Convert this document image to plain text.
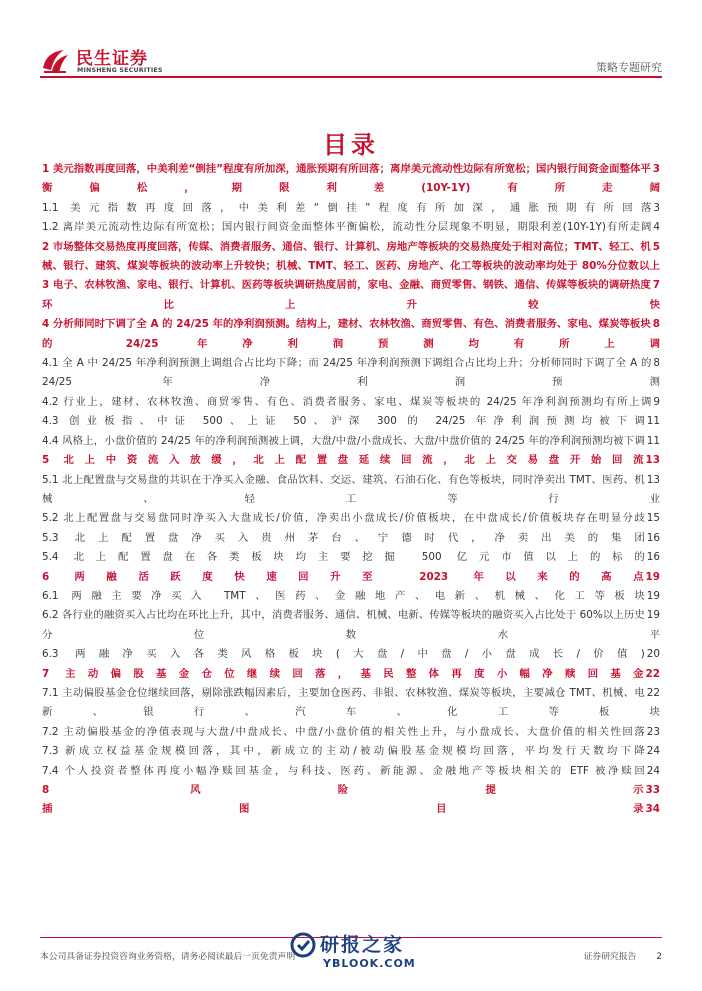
民生证券
MINSHENG SECURITIES	策略专题研究
目录
3
1 美元指数再度回落，中美利差“倒挂”程度有所加深，通胀预期有所回落；离岸美元流动性边际有所宽松；国内银行间资金面整体平衡偏松，期限利差(10Y-1Y)有所走阔
3
1.1 美元指数再度回落，中美利差“倒挂”程度有所加深，通胀预期有所回落
4
1.2 离岸美元流动性边际有所宽松；国内银行间资金面整体平衡偏松，流动性分层现象不明显，期限利差(10Y-1Y)有所走阔
5
2 市场整体交易热度再度回落，传媒、消费者服务、通信、银行、计算机、房地产等板块的交易热度处于相对高位；TMT、轻工、机械、银行、建筑、煤炭等板块的波动率上升较快；机械、TMT、轻工、医药、房地产、化工等板块的波动率均处于 80%分位数以上
7
3 电子、农林牧渔、家电、银行、计算机、医药等板块调研热度居前，家电、金融、商贸零售、钢铁、通信、传媒等板块的调研热度环比上升较快
8
4 分析师同时下调了全 A 的 24/25 年的净利润预测。结构上，建材、农林牧渔、商贸零售、有色、消费者服务、家电、煤炭等板块的 24/25 年净利润预测均有所上调
8
4.1 全 A 中 24/25 年净利润预测上调组合占比均下降；而 24/25 年净利润预测下调组合占比均上升；分析师同时下调了全 A 的 24/25 年净利润预测
9
4.2 行业上，建材、农林牧渔、商贸零售、有色、消费者服务、家电、煤炭等板块的 24/25 年净利润预测均有所上调
11
4.3 创业板指、中证 500、上证 50、沪深 300 的 24/25 年净利润预测均被下调
11
4.4 风格上，小盘价值的 24/25 年的净利润预测被上调，大盘/中盘/小盘成长、大盘/中盘价值的 24/25 年的净利润预测均被下调
13
5 北上中资流入放缓，北上配置盘延续回流，北上交易盘开始回流
13
5.1 北上配置盘与交易盘的共识在于净买入金融、食品饮料、交运、建筑、石油石化、有色等板块，同时净卖出 TMT、医药、机械、轻工等行业
15
5.2 北上配置盘与交易盘同时净买入大盘成长/价值，净卖出小盘成长/价值板块，在中盘成长/价值板块存在明显分歧
16
5.3 北上配置盘净买入贵州茅台、宁德时代，净卖出美的集团
16
5.4 北上配置盘在各类板块均主要挖掘 500 亿元市值以上的标的
19
6 两融活跃度快速回升至 2023 年以来的高点
19
6.1 两融主要净买入 TMT、医药、金融地产、电新、机械、化工等板块
19
6.2 各行业的融资买入占比均在环比上升，其中，消费者服务、通信、机械、电新、传媒等板块的融资买入占比处于 60%以上历史分位数水平
20
6.3 两融净买入各类风格板块(大盘/中盘/小盘成长/价值)
22
7 主动偏股基金仓位继续回落，基民整体再度小幅净赎回基金
22
7.1 主动偏股基金仓位继续回落，剔除涨跌幅因素后，主要加仓医药、非银、农林牧渔、煤炭等板块，主要减仓 TMT、机械、电新、银行、汽车、化工等板块
23
7.2 主动偏股基金的净值表现与大盘/中盘成长、中盘/小盘价值的相关性上升，与小盘成长、大盘价值的相关性回落
24
7.3 新成立权益基金规模回落，其中，新成立的主动/被动偏股基金规模均回落，平均发行天数均下降
24
7.4 个人投资者整体再度小幅净赎回基金，与科技、医药、新能源、金融地产等板块相关的 ETF 被净赎回
33
8 风险提示
34
插图目录
本公司具备证券投资咨询业务资格，请务必阅读最后一页免责声明	证券研究报告 2
研报之家
YBLOOK.COM
